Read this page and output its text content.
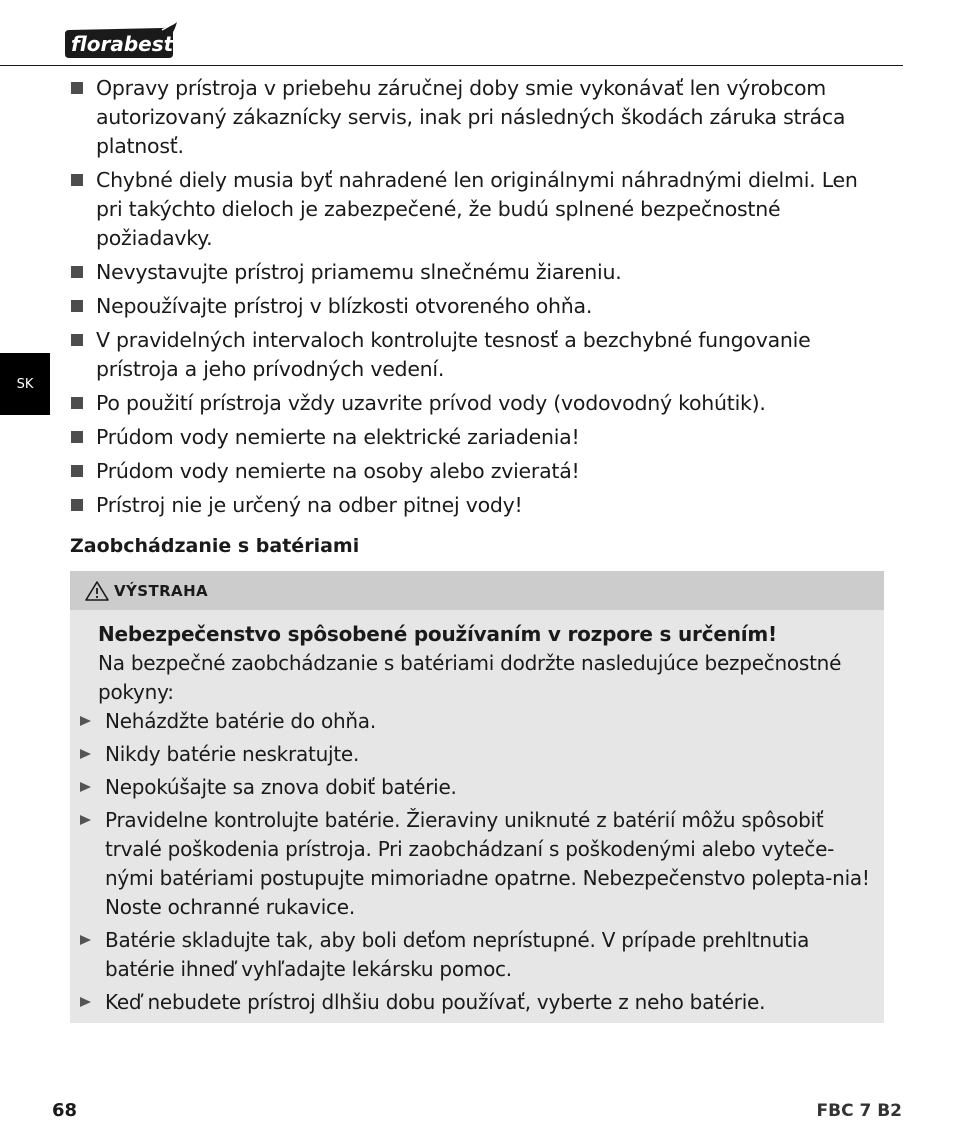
florabest
SK
Opravy prístroja v priebehu záručnej doby smie vykonávať len výrobcom autorizovaný zákaznícky servis, inak pri následných škodách záruka stráca platnosť.
Chybné diely musia byť nahradené len originálnymi náhradnými dielmi. Len pri takýchto dieloch je zabezpečené, že budú splnené bezpečnostné požiadavky.
Nevystavujte prístroj priamemu slnečnému žiareniu.
Nepoužívajte prístroj v blízkosti otvoreného ohňa.
V pravidelných intervaloch kontrolujte tesnosť a bezchybné fungovanie prístroja a jeho prívodných vedení.
Po použití prístroja vždy uzavrite prívod vody (vodovodný kohútik).
Prúdom vody nemierte na elektrické zariadenia!
Prúdom vody nemierte na osoby alebo zvieratá!
Prístroj nie je určený na odber pitnej vody!
Zaobchádzanie s batériami
VÝSTRAHA
Nebezpečenstvo spôsobené používaním v rozpore s určením!
Na bezpečné zaobchádzanie s batériami dodržte nasledujúce bezpečnostné pokyny:
Neházdžte batérie do ohňa.
Nikdy batérie neskratujte.
Nepokúšajte sa znova dobiť batérie.
Pravidelne kontrolujte batérie. Žieraviny uniknuté z batérií môžu spôsobiť trvalé poškodenia prístroja. Pri zaobchádzaní s poškodenými alebo vyteče-nými batériami postupujte mimoriadne opatrne. Nebezpečenstvo polepta-nia! Noste ochranné rukavice.
Batérie skladujte tak, aby boli deťom neprístupné. V prípade prehltnutia batérie ihneď vyhľadajte lekársku pomoc.
Keď nebudete prístroj dlhšiu dobu používať, vyberte z neho batérie.
68	FBC 7 B2
